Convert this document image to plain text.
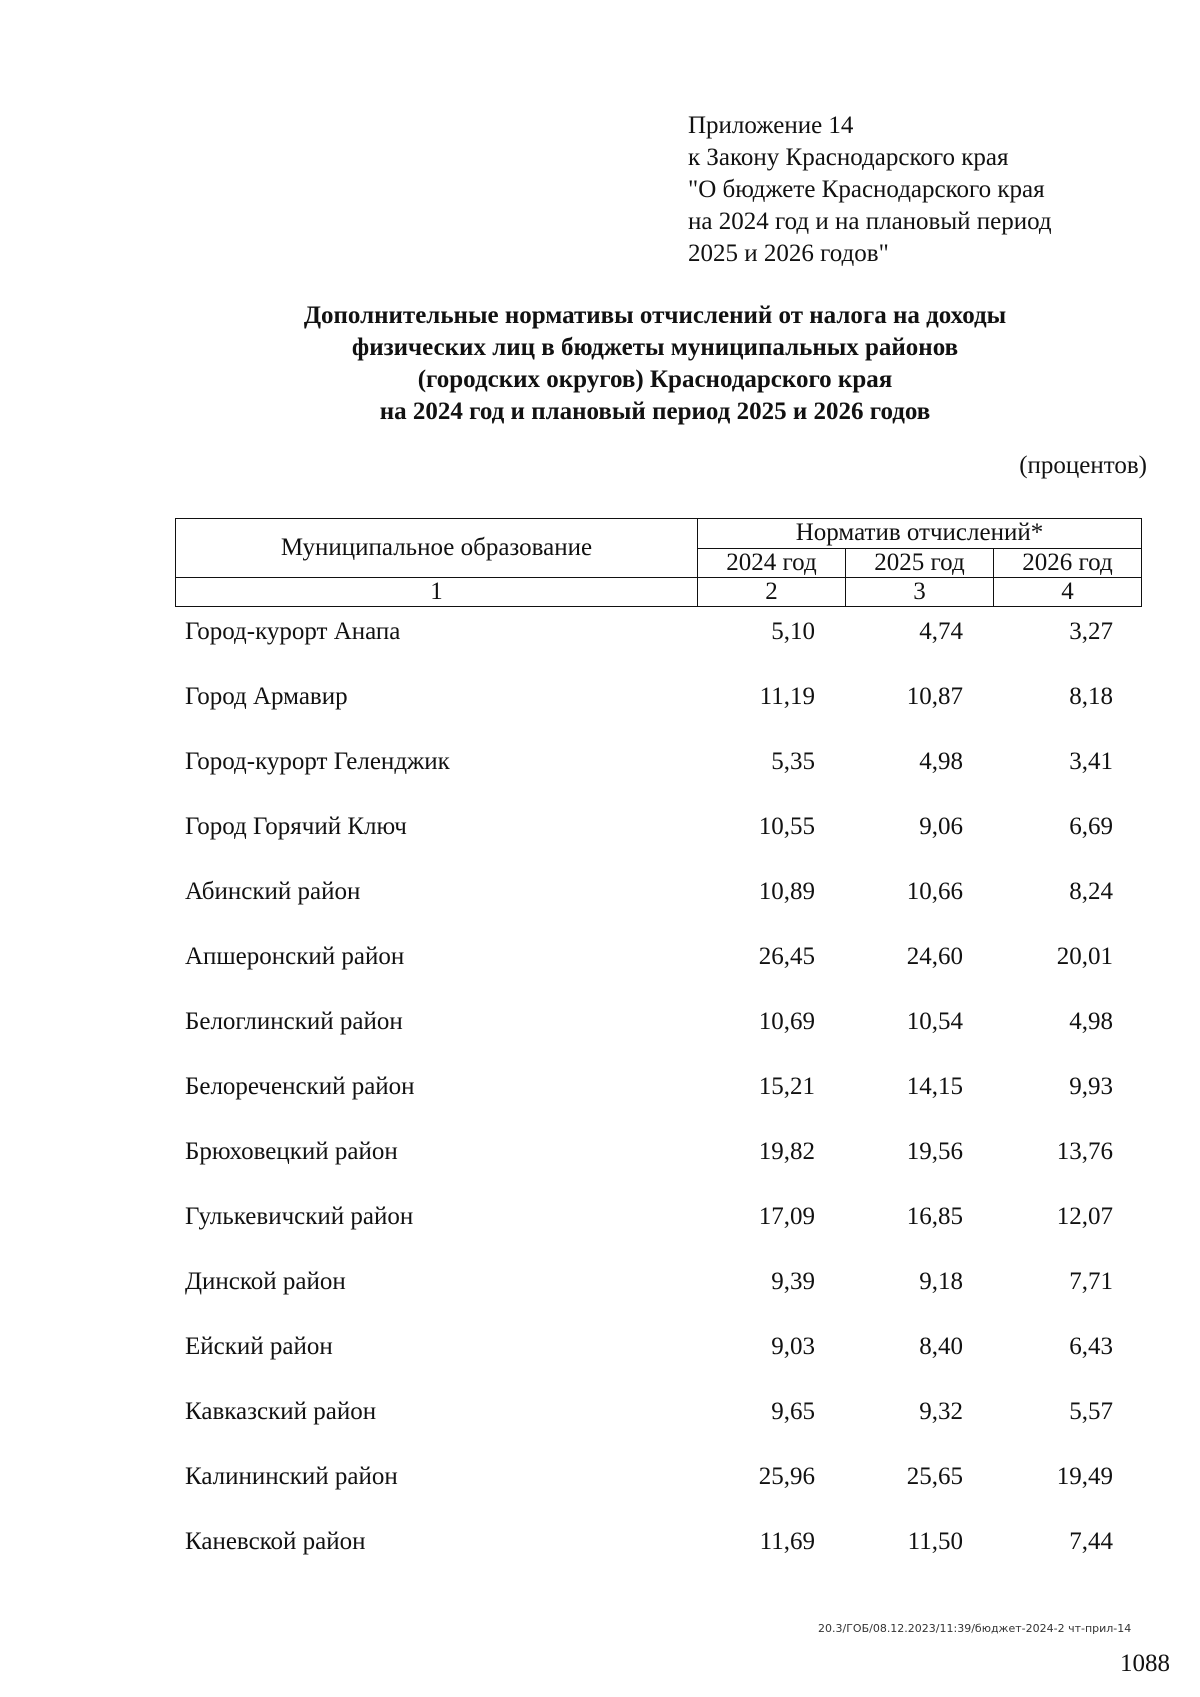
Приложение 14
к Закону Краснодарского края
"О бюджете Краснодарского края
на 2024 год и на плановый период
2025 и 2026 годов"
Дополнительные нормативы отчислений от налога на доходы
физических лиц в бюджеты муниципальных районов
(городских округов) Краснодарского края
на 2024 год и плановый период 2025 и 2026 годов
(процентов)
Муниципальное образование	Норматив отчислений*		
	2024 год	2025 год	2026 год
1	2	3	4
Город-курорт Анапа	5,10	4,74	3,27
Город Армавир	11,19	10,87	8,18
Город-курорт Геленджик	5,35	4,98	3,41
Город Горячий Ключ	10,55	9,06	6,69
Абинский район	10,89	10,66	8,24
Апшеронский район	26,45	24,60	20,01
Белоглинский район	10,69	10,54	4,98
Белореченский район	15,21	14,15	9,93
Брюховецкий район	19,82	19,56	13,76
Гулькевичский район	17,09	16,85	12,07
Динской район	9,39	9,18	7,71
Ейский район	9,03	8,40	6,43
Кавказский район	9,65	9,32	5,57
Калининский район	25,96	25,65	19,49
Каневской район	11,69	11,50	7,44
20.3/ГОБ/08.12.2023/11:39/бюджет-2024-2 чт-прил-14
1088
